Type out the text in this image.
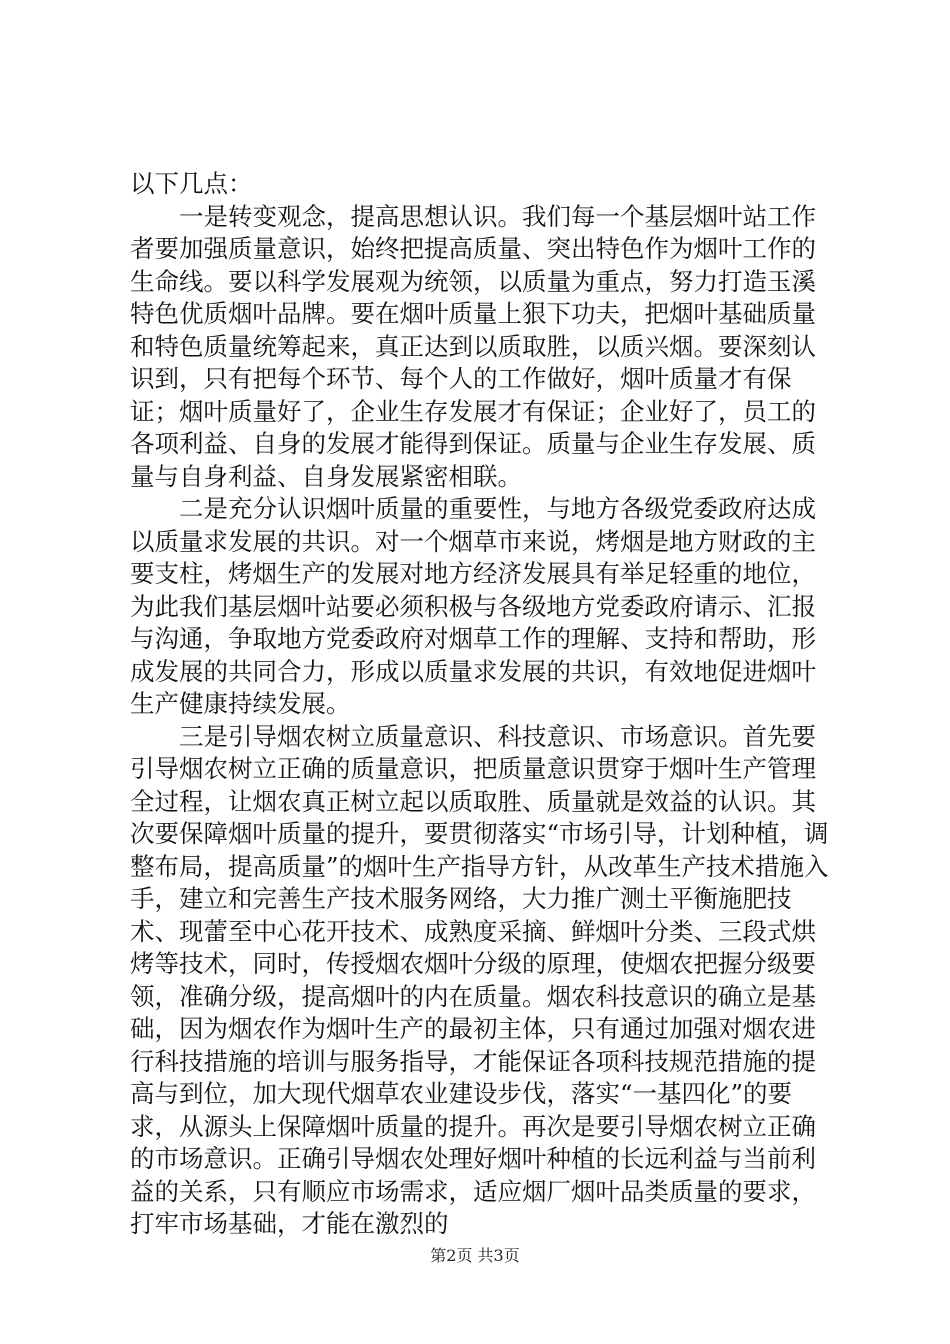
以下几点：

一是转变观念，提高思想认识。我们每一个基层烟叶站工作者要加强质量意识，始终把提高质量、突出特色作为烟叶工作的生命线。要以科学发展观为统领，以质量为重点，努力打造玉溪特色优质烟叶品牌。要在烟叶质量上狠下功夫，把烟叶基础质量和特色质量统筹起来，真正达到以质取胜，以质兴烟。要深刻认识到，只有把每个环节、每个人的工作做好，烟叶质量才有保证；烟叶质量好了，企业生存发展才有保证；企业好了，员工的各项利益、自身的发展才能得到保证。质量与企业生存发展、质量与自身利益、自身发展紧密相联。

二是充分认识烟叶质量的重要性，与地方各级党委政府达成以质量求发展的共识。对一个烟草市来说，烤烟是地方财政的主要支柱，烤烟生产的发展对地方经济发展具有举足轻重的地位，为此我们基层烟叶站要必须积极与各级地方党委政府请示、汇报与沟通，争取地方党委政府对烟草工作的理解、支持和帮助，形成发展的共同合力，形成以质量求发展的共识，有效地促进烟叶生产健康持续发展。

三是引导烟农树立质量意识、科技意识、市场意识。首先要引导烟农树立正确的质量意识，把质量意识贯穿于烟叶生产管理全过程，让烟农真正树立起以质取胜、质量就是效益的认识。其次要保障烟叶质量的提升，要贯彻落实“市场引导，计划种植，调整布局，提高质量”的烟叶生产指导方针，从改革生产技术措施入手，建立和完善生产技术服务网络，大力推广测土平衡施肥技术、现蕾至中心花开技术、成熟度采摘、鲜烟叶分类、三段式烘烤等技术，同时，传授烟农烟叶分级的原理，使烟农把握分级要领，准确分级，提高烟叶的内在质量。烟农科技意识的确立是基础，因为烟农作为烟叶生产的最初主体，只有通过加强对烟农进行科技措施的培训与服务指导，才能保证各项科技规范措施的提高与到位，加大现代烟草农业建设步伐，落实“一基四化”的要求，从源头上保障烟叶质量的提升。再次是要引导烟农树立正确的市场意识。正确引导烟农处理好烟叶种植的长远利益与当前利益的关系，只有顺应市场需求，适应烟厂烟叶品类质量的要求，打牢市场基础，才能在激烈的

第2页 共3页
